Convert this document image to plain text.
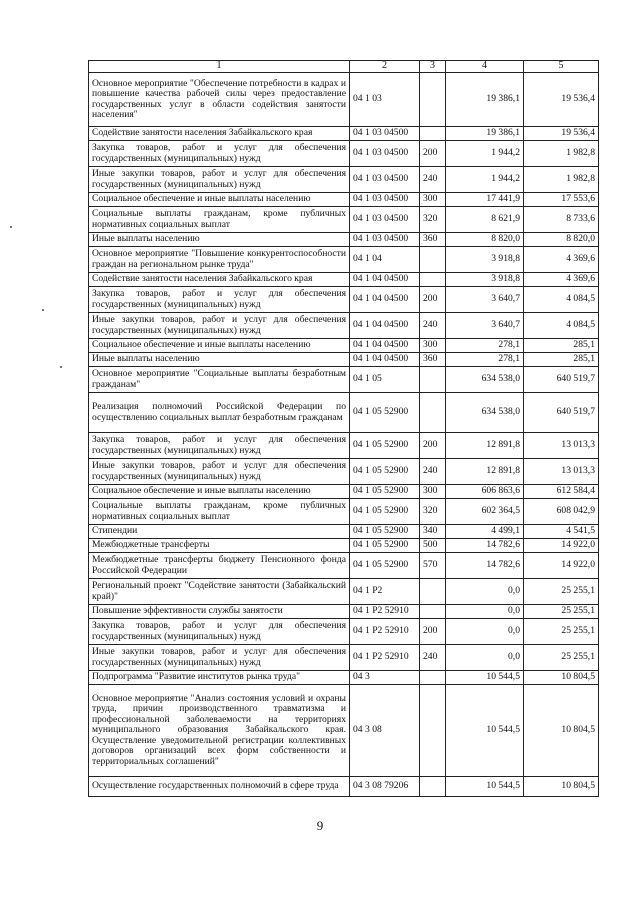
1	2	3	4	5
Основное мероприятие "Обеспечение потребности в кадрах и повышение качества рабочей силы через предоставление государственных услуг в области содействия занятости населения"	04 1 03		19 386,1	19 536,4
Содействие занятости населения Забайкальского края	04 1 03 04500		19 386,1	19 536,4
Закупка товаров, работ и услуг для обеспечения государственных (муниципальных) нужд	04 1 03 04500	200	1 944,2	1 982,8
Иные закупки товаров, работ и услуг для обеспечения государственных (муниципальных) нужд	04 1 03 04500	240	1 944,2	1 982,8
Социальное обеспечение и иные выплаты населению	04 1 03 04500	300	17 441,9	17 553,6
Социальные выплаты гражданам, кроме публичных нормативных социальных выплат	04 1 03 04500	320	8 621,9	8 733,6
Иные выплаты населению	04 1 03 04500	360	8 820,0	8 820,0
Основное мероприятие "Повышение конкурентоспособности граждан на региональном рынке труда"	04 1 04		3 918,8	4 369,6
Содействие занятости населения Забайкальского края	04 1 04 04500		3 918,8	4 369,6
Закупка товаров, работ и услуг для обеспечения государственных (муниципальных) нужд	04 1 04 04500	200	3 640,7	4 084,5
Иные закупки товаров, работ и услуг для обеспечения государственных (муниципальных) нужд	04 1 04 04500	240	3 640,7	4 084,5
Социальное обеспечение и иные выплаты населению	04 1 04 04500	300	278,1	285,1
Иные выплаты населению	04 1 04 04500	360	278,1	285,1
Основное мероприятие "Социальные выплаты безработным гражданам"	04 1 05		634 538,0	640 519,7
Реализация полномочий Российской Федерации по осуществлению социальных выплат безработным гражданам	04 1 05 52900		634 538,0	640 519,7
Закупка товаров, работ и услуг для обеспечения государственных (муниципальных) нужд	04 1 05 52900	200	12 891,8	13 013,3
Иные закупки товаров, работ и услуг для обеспечения государственных (муниципальных) нужд	04 1 05 52900	240	12 891,8	13 013,3
Социальное обеспечение и иные выплаты населению	04 1 05 52900	300	606 863,6	612 584,4
Социальные выплаты гражданам, кроме публичных нормативных социальных выплат	04 1 05 52900	320	602 364,5	608 042,9
Стипендии	04 1 05 52900	340	4 499,1	4 541,5
Межбюджетные трансферты	04 1 05 52900	500	14 782,6	14 922,0
Межбюджетные трансферты бюджету Пенсионного фонда Российской Федерации	04 1 05 52900	570	14 782,6	14 922,0
Региональный проект "Содействие занятости (Забайкальский край)"	04 1 P2		0,0	25 255,1
Повышение эффективности службы занятости	04 1 P2 52910		0,0	25 255,1
Закупка товаров, работ и услуг для обеспечения государственных (муниципальных) нужд	04 1 P2 52910	200	0,0	25 255,1
Иные закупки товаров, работ и услуг для обеспечения государственных (муниципальных) нужд	04 1 P2 52910	240	0,0	25 255,1
Подпрограмма "Развитие институтов рынка труда"	04 3		10 544,5	10 804,5
Основное мероприятие "Анализ состояния условий и охраны труда, причин производственного травматизма и профессиональной заболеваемости на территориях муниципального образования Забайкальского края. Осуществление уведомительной регистрации коллективных договоров организаций всех форм собственности и территориальных соглашений"	04 3 08		10 544,5	10 804,5
Осуществление государственных полномочий в сфере труда	04 3 08 79206		10 544,5	10 804,5
9
